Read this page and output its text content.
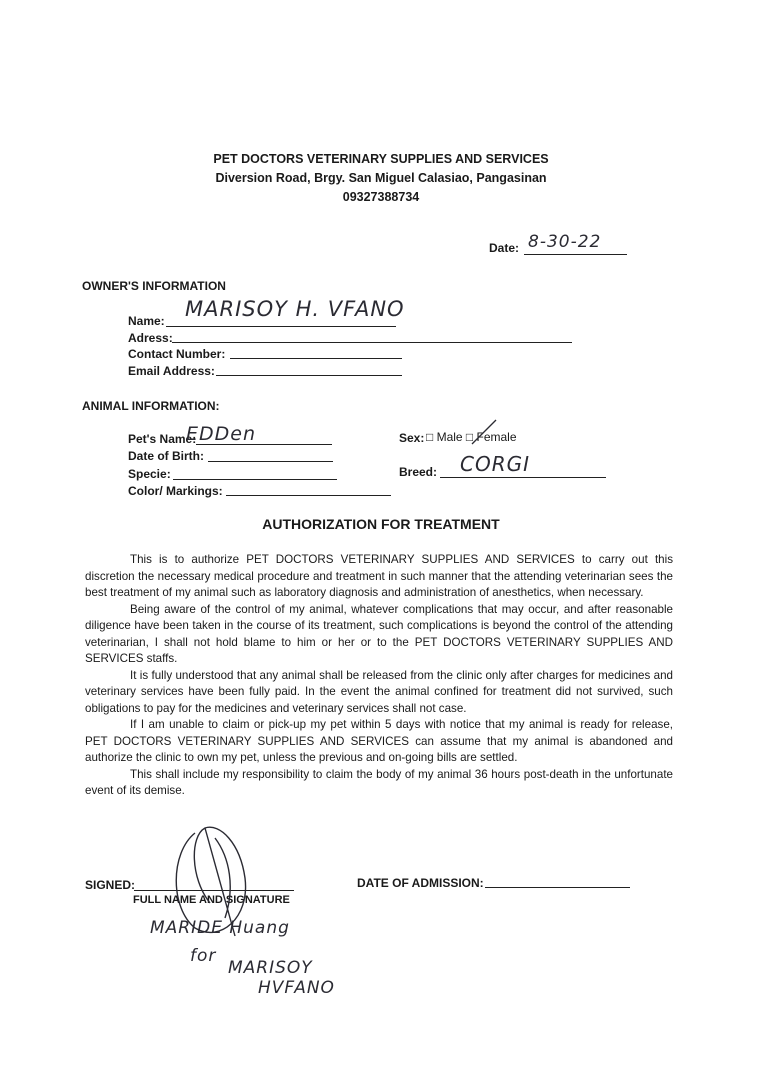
PET DOCTORS VETERINARY SUPPLIES AND SERVICES
Diversion Road, Brgy. San Miguel Calasiao, Pangasinan
09327388734
Date: 8-30-22
OWNER'S INFORMATION
Name: MARISOY H. VFANO
Adress:
Contact Number:
Email Address:
ANIMAL INFORMATION:
Pet's Name:
EDDen
Date of Birth:
Specie:
Color/ Markings:
Sex: □ Male □ Female
Breed: CORGI
AUTHORIZATION FOR TREATMENT

This is to authorize PET DOCTORS VETERINARY SUPPLIES AND SERVICES to carry out this discretion the necessary medical procedure and treatment in such manner that the attending veterinarian sees the best treatment of my animal such as laboratory diagnosis and administration of anesthetics, when necessary.

Being aware of the control of my animal, whatever complications that may occur, and after reasonable diligence have been taken in the course of its treatment, such complications is beyond the control of the attending veterinarian, I shall not hold blame to him or her or to the PET DOCTORS VETERINARY SUPPLIES AND SERVICES staffs.

It is fully understood that any animal shall be released from the clinic only after charges for medicines and veterinary services have been fully paid. In the event the animal confined for treatment did not survived, such obligations to pay for the medicines and veterinary services shall not case.

If I am unable to claim or pick-up my pet within 5 days with notice that my animal is ready for release, PET DOCTORS VETERINARY SUPPLIES AND SERVICES can assume that my animal is abandoned and authorize the clinic to own my pet, unless the previous and on-going bills are settled.

This shall include my responsibility to claim the body of my animal 36 hours post-death in the unfortunate event of its demise.

SIGNED:
FULL NAME AND SIGNATURE
DATE OF ADMISSION:
MARIDE Huang
for
MARISOY
HVFANO
